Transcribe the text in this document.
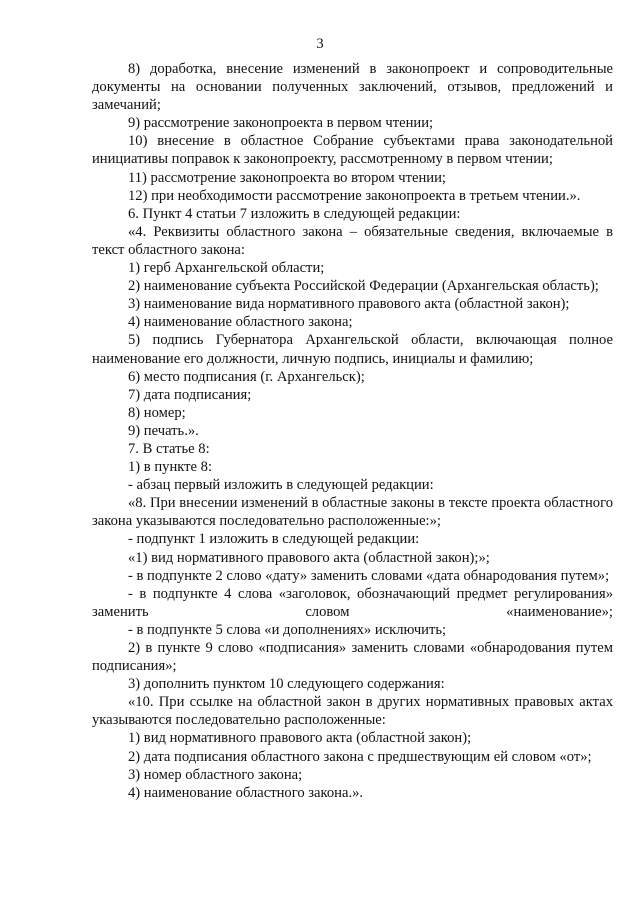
3

8) доработка, внесение изменений в законопроект и сопроводительные документы на основании полученных заключений, отзывов, предложений и замечаний;

9) рассмотрение законопроекта в первом чтении;

10) внесение в областное Собрание субъектами права законодательной инициативы поправок к законопроекту, рассмотренному в первом чтении;

11) рассмотрение законопроекта во втором чтении;

12) при необходимости рассмотрение законопроекта в третьем чтении.».

6. Пункт 4 статьи 7 изложить в следующей редакции:

«4. Реквизиты областного закона – обязательные сведения, включаемые в текст областного закона:

1) герб Архангельской области;

2) наименование субъекта Российской Федерации (Архангельская область);

3) наименование вида нормативного правового акта (областной закон);

4) наименование областного закона;

5) подпись Губернатора Архангельской области, включающая полное наименование его должности, личную подпись, инициалы и фамилию;

6) место подписания (г. Архангельск);

7) дата подписания;

8) номер;

9) печать.».

7. В статье 8:

1) в пункте 8:

- абзац первый изложить в следующей редакции:

«8. При внесении изменений в областные законы в тексте проекта областного закона указываются последовательно расположенные:»;

- подпункт 1 изложить в следующей редакции:

«1) вид нормативного правового акта (областной закон);»;

- в подпункте 2 слово «дату» заменить словами «дата обнародования путем»;

- в подпункте 4 слова «заголовок, обозначающий предмет регулирования» заменить словом «наименование»;

- в подпункте 5 слова «и дополнениях» исключить;

2) в пункте 9 слово «подписания» заменить словами «обнародования путем подписания»;

3) дополнить пунктом 10 следующего содержания:

«10. При ссылке на областной закон в других нормативных правовых актах указываются последовательно расположенные:

1) вид нормативного правового акта (областной закон);

2) дата подписания областного закона с предшествующим ей словом «от»;

3) номер областного закона;

4) наименование областного закона.».
